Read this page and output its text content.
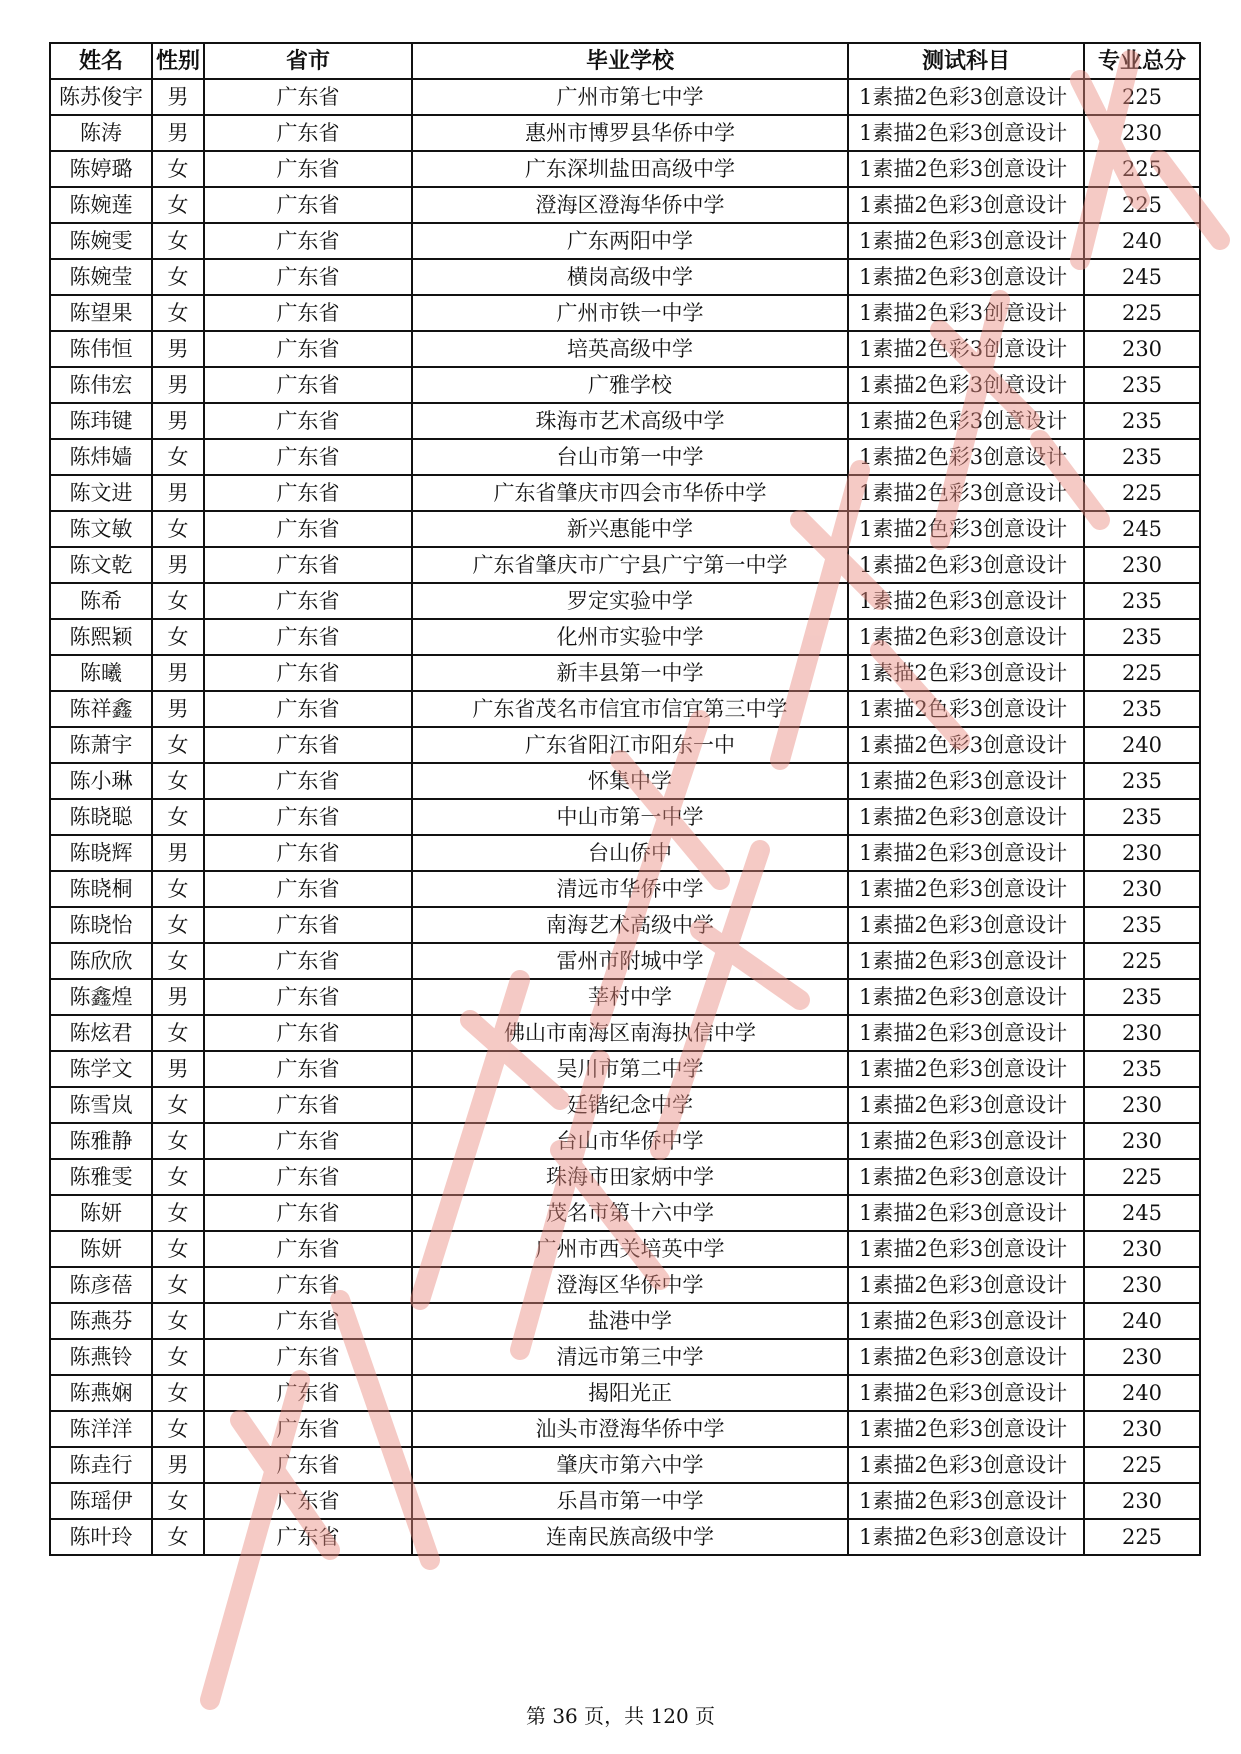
姓名	性别	省市	毕业学校	测试科目	专业总分
陈苏俊宇	男	广东省	广州市第七中学	1素描2色彩3创意设计	225
陈涛	男	广东省	惠州市博罗县华侨中学	1素描2色彩3创意设计	230
陈婷璐	女	广东省	广东深圳盐田高级中学	1素描2色彩3创意设计	225
陈婉莲	女	广东省	澄海区澄海华侨中学	1素描2色彩3创意设计	225
陈婉雯	女	广东省	广东两阳中学	1素描2色彩3创意设计	240
陈婉莹	女	广东省	横岗高级中学	1素描2色彩3创意设计	245
陈望果	女	广东省	广州市铁一中学	1素描2色彩3创意设计	225
陈伟恒	男	广东省	培英高级中学	1素描2色彩3创意设计	230
陈伟宏	男	广东省	广雅学校	1素描2色彩3创意设计	235
陈玮键	男	广东省	珠海市艺术高级中学	1素描2色彩3创意设计	235
陈炜嫱	女	广东省	台山市第一中学	1素描2色彩3创意设计	235
陈文进	男	广东省	广东省肇庆市四会市华侨中学	1素描2色彩3创意设计	225
陈文敏	女	广东省	新兴惠能中学	1素描2色彩3创意设计	245
陈文乾	男	广东省	广东省肇庆市广宁县广宁第一中学	1素描2色彩3创意设计	230
陈希	女	广东省	罗定实验中学	1素描2色彩3创意设计	235
陈熙颖	女	广东省	化州市实验中学	1素描2色彩3创意设计	235
陈曦	男	广东省	新丰县第一中学	1素描2色彩3创意设计	225
陈祥鑫	男	广东省	广东省茂名市信宜市信宜第三中学	1素描2色彩3创意设计	235
陈萧宇	女	广东省	广东省阳江市阳东一中	1素描2色彩3创意设计	240
陈小琳	女	广东省	怀集中学	1素描2色彩3创意设计	235
陈晓聪	女	广东省	中山市第一中学	1素描2色彩3创意设计	235
陈晓辉	男	广东省	台山侨中	1素描2色彩3创意设计	230
陈晓桐	女	广东省	清远市华侨中学	1素描2色彩3创意设计	230
陈晓怡	女	广东省	南海艺术高级中学	1素描2色彩3创意设计	235
陈欣欣	女	广东省	雷州市附城中学	1素描2色彩3创意设计	225
陈鑫煌	男	广东省	莘村中学	1素描2色彩3创意设计	235
陈炫君	女	广东省	佛山市南海区南海执信中学	1素描2色彩3创意设计	230
陈学文	男	广东省	吴川市第二中学	1素描2色彩3创意设计	235
陈雪岚	女	广东省	廷锴纪念中学	1素描2色彩3创意设计	230
陈雅静	女	广东省	台山市华侨中学	1素描2色彩3创意设计	230
陈雅雯	女	广东省	珠海市田家炳中学	1素描2色彩3创意设计	225
陈妍	女	广东省	茂名市第十六中学	1素描2色彩3创意设计	245
陈妍	女	广东省	广州市西关培英中学	1素描2色彩3创意设计	230
陈彦蓓	女	广东省	澄海区华侨中学	1素描2色彩3创意设计	230
陈燕芬	女	广东省	盐港中学	1素描2色彩3创意设计	240
陈燕铃	女	广东省	清远市第三中学	1素描2色彩3创意设计	230
陈燕娴	女	广东省	揭阳光正	1素描2色彩3创意设计	240
陈洋洋	女	广东省	汕头市澄海华侨中学	1素描2色彩3创意设计	230
陈垚行	男	广东省	肇庆市第六中学	1素描2色彩3创意设计	225
陈瑶伊	女	广东省	乐昌市第一中学	1素描2色彩3创意设计	230
陈叶玲	女	广东省	连南民族高级中学	1素描2色彩3创意设计	225
第 36 页，共 120 页
